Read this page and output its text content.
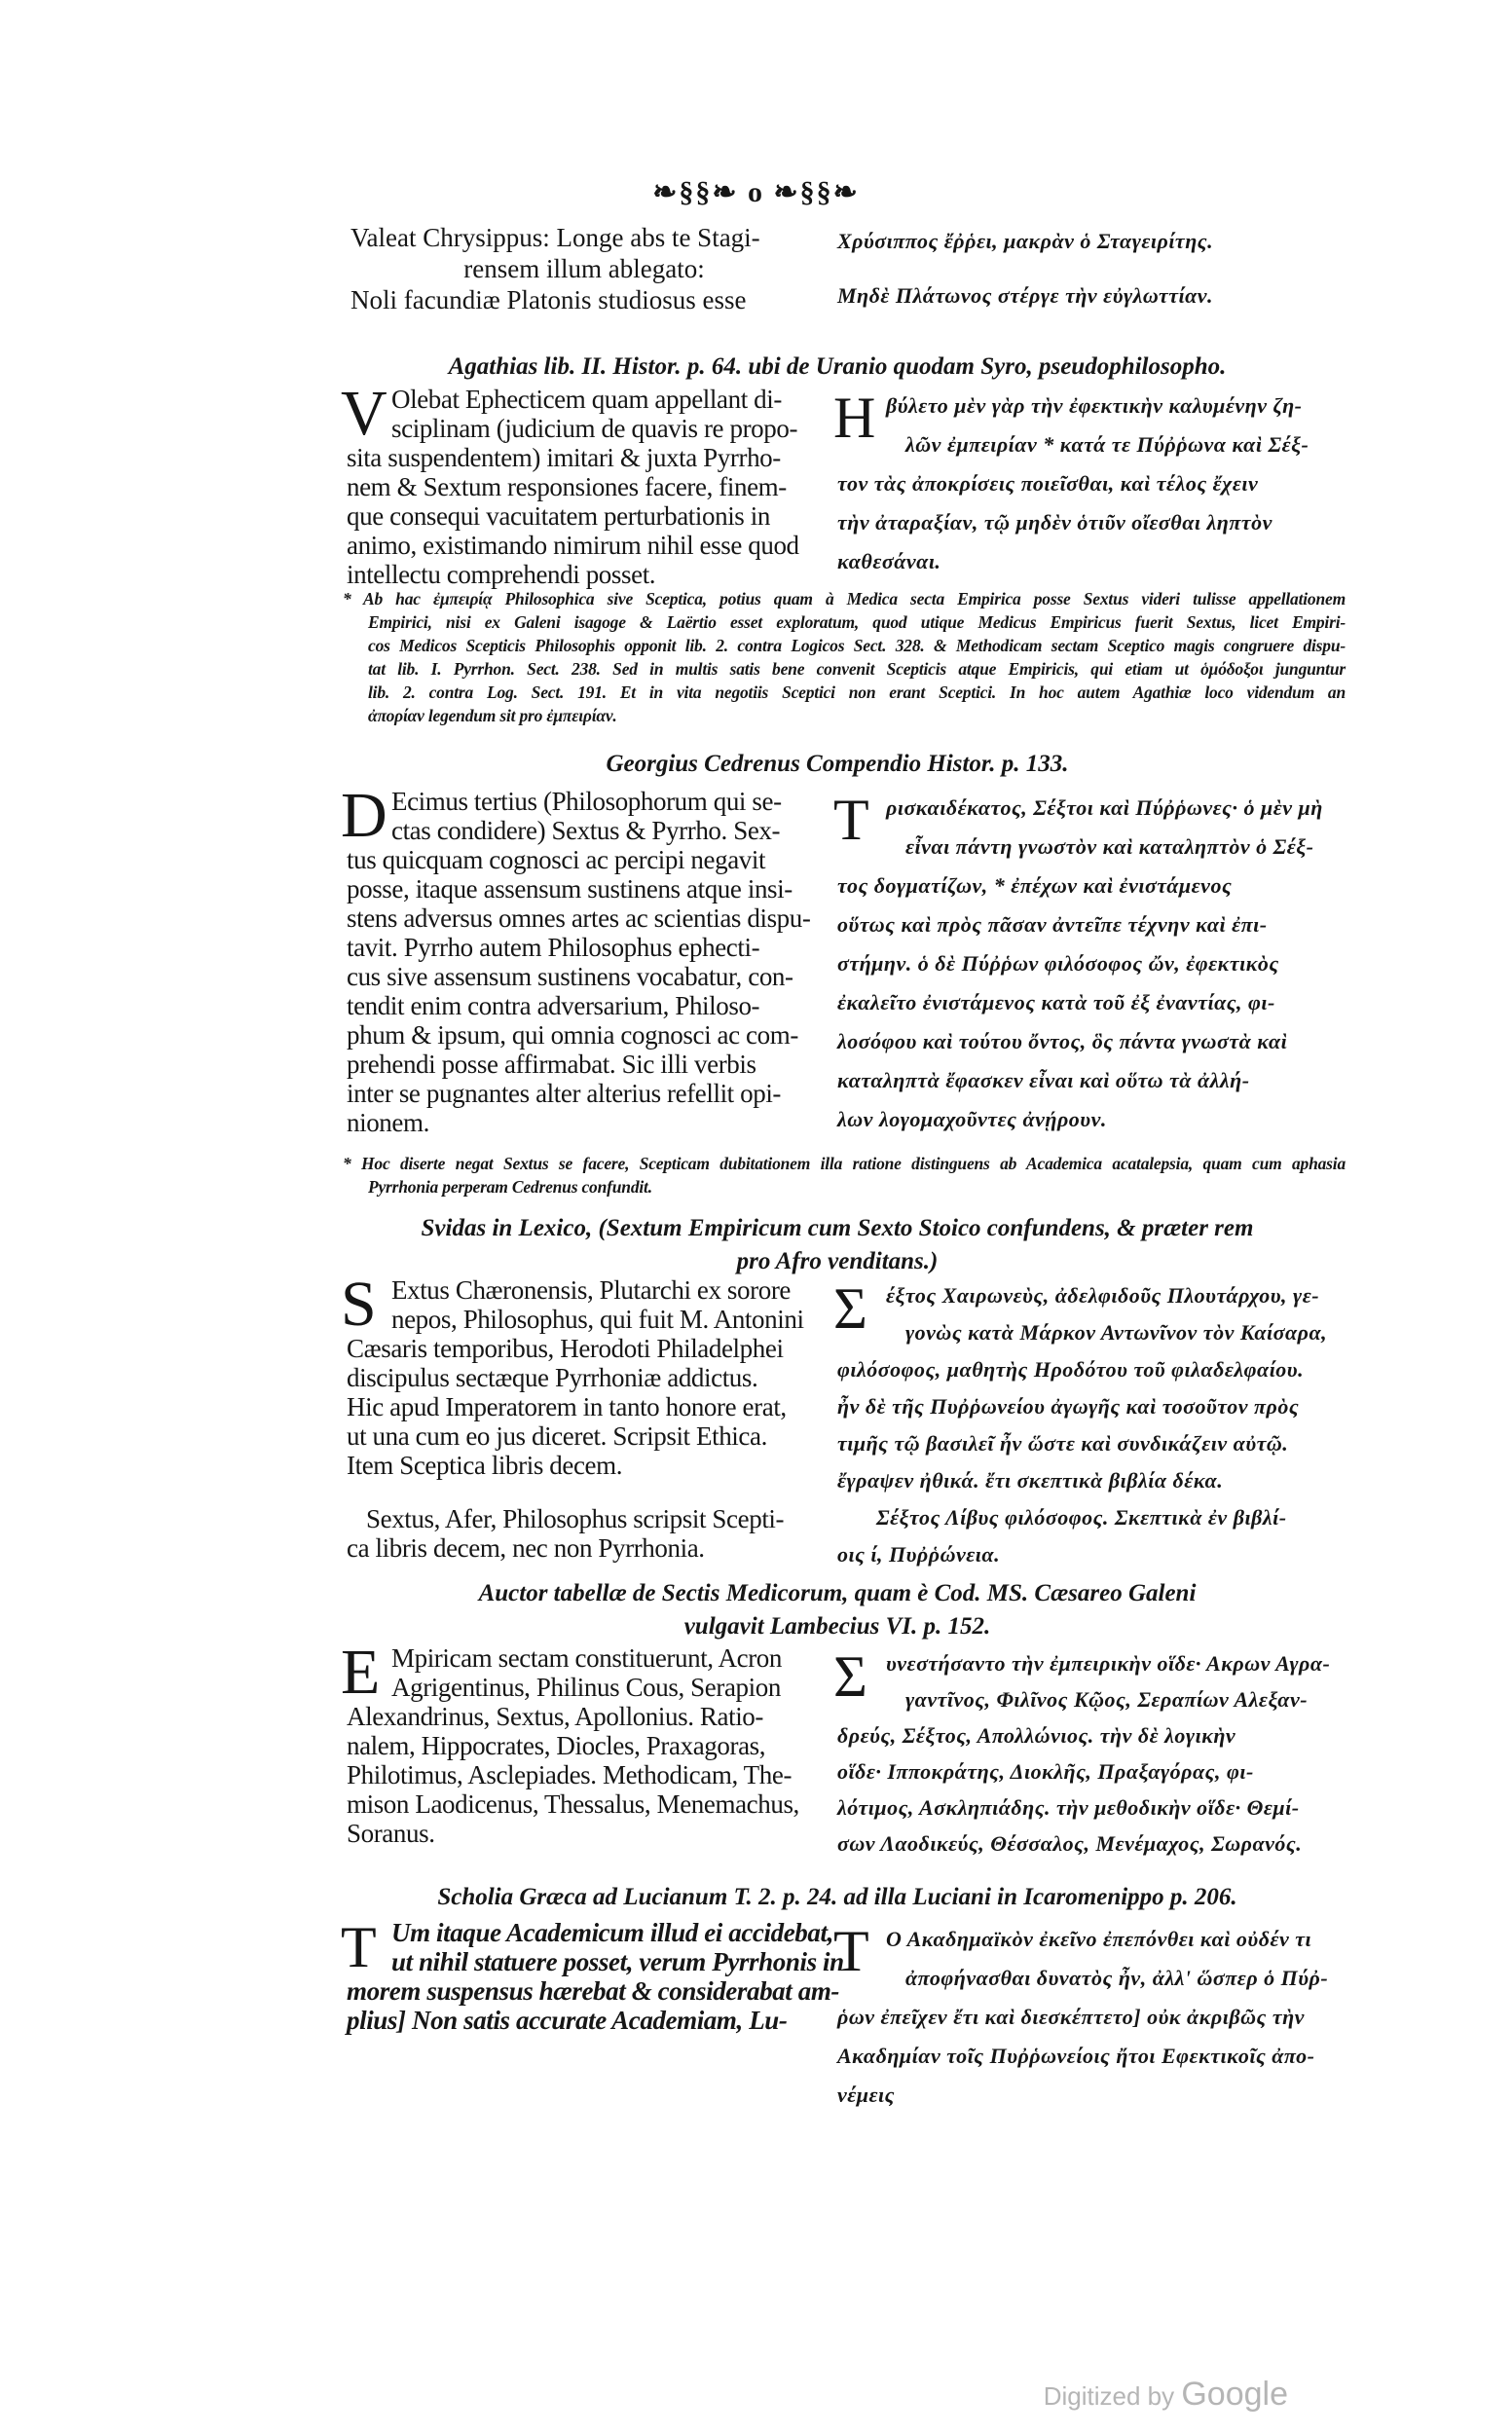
❧§§❧ o ❧§§❧
Valeat Chrysippus: Longe abs te Stagi-
rensem illum ablegato:
Noli facundiæ Platonis studiosus esse
Χρύσιππος ἔῤῥει, μακρὰν ὁ Σταγειρίτης.
Μηδὲ Πλάτωνος στέργε τὴν εὐγλωττίαν.
Agathias lib. II. Histor. p. 64. ubi de Uranio quodam Syro, pseudophilosopho.
V Olebat Ephecticem quam appellant di-
sciplinam (judicium de quavis re propo-
sita suspendentem) imitari & juxta Pyrrho-
nem & Sextum responsiones facere, finem-
que consequi vacuitatem perturbationis in
animo, existimando nimirum nihil esse quod
intellectu comprehendi posset.
H βύλετο μὲν γὰρ τὴν ἐφεκτικὴν καλυμένην ζη-
λῶν ἐμπειρίαν * κατά τε Πύῤῥωνα καὶ Σέξ-
τον τὰς ἀποκρίσεις ποιεῖσθαι, καὶ τέλος ἔχειν
τὴν ἀταραξίαν, τῷ μηδὲν ὁτιῦν οἴεσθαι ληπτὸν
καθεσάναι.
* Ab hac ἐμπειρίᾳ Philosophica sive Sceptica, potius quam à Medica secta Empirica posse Sextus videri tulisse appellationem
Empirici, nisi ex Galeni isagoge & Laërtio esset exploratum, quod utique Medicus Empiricus fuerit Sextus, licet Empiri-
cos Medicos Scepticis Philosophis opponit lib. 2. contra Logicos Sect. 328. & Methodicam sectam Sceptico magis congruere dispu-
tat lib. I. Pyrrhon. Sect. 238. Sed in multis satis bene convenit Scepticis atque Empiricis, qui etiam ut ὁμόδοξοι junguntur
lib. 2. contra Log. Sect. 191. Et in vita negotiis Sceptici non erant Sceptici. In hoc autem Agathiæ loco videndum an
ἀπορίαν legendum sit pro ἐμπειρίαν.
Georgius Cedrenus Compendio Histor. p. 133.
D Ecimus tertius (Philosophorum qui se-
ctas condidere) Sextus & Pyrrho. Sex-
tus quicquam cognosci ac percipi negavit
posse, itaque assensum sustinens atque insi-
stens adversus omnes artes ac scientias dispu-
tavit. Pyrrho autem Philosophus ephecti-
cus sive assensum sustinens vocabatur, con-
tendit enim contra adversarium, Philoso-
phum & ipsum, qui omnia cognosci ac com-
prehendi posse affirmabat. Sic illi verbis
inter se pugnantes alter alterius refellit opi-
nionem.
T ρισκαιδέκατος, Σέξτοι καὶ Πύῤῥωνες· ὁ μὲν μὴ
εἶναι πάντη γνωστὸν καὶ καταληπτὸν ὁ Σέξ-
τος δογματίζων, * ἐπέχων καὶ ἐνιστάμενος
οὕτως καὶ πρὸς πᾶσαν ἀντεῖπε τέχνην καὶ ἐπι-
στήμην. ὁ δὲ Πύῤῥων φιλόσοφος ὤν, ἐφεκτικὸς
ἐκαλεῖτο ἐνιστάμενος κατὰ τοῦ ἐξ ἐναντίας, φι-
λοσόφου καὶ τούτου ὄντος, ὃς πάντα γνωστὰ καὶ
καταληπτὰ ἔφασκεν εἶναι καὶ οὕτω τὰ ἀλλή-
λων λογομαχοῦντες ἀνῄρουν.
* Hoc diserte negat Sextus se facere, Scepticam dubitationem illa ratione distinguens ab Academica acatalepsia, quam cum aphasia
Pyrrhonia perperam Cedrenus confundit.
Svidas in Lexico, (Sextum Empiricum cum Sexto Stoico confundens, & præter rem
pro Afro venditans.)
S Extus Chæronensis, Plutarchi ex sorore
nepos, Philosophus, qui fuit M. Antonini
Cæsaris temporibus, Herodoti Philadelphei
discipulus sectæque Pyrrhoniæ addictus.
Hic apud Imperatorem in tanto honore erat,
ut una cum eo jus diceret. Scripsit Ethica.
Item Sceptica libris decem.
Sextus, Afer, Philosophus scripsit Scepti-
ca libris decem, nec non Pyrrhonia.
Σ έξτος Χαιρωνεὺς, ἀδελφιδοῦς Πλουτάρχου, γε-
γονὼς κατὰ Μάρκον Αντωνῖνον τὸν Καίσαρα,
φιλόσοφος, μαθητὴς Ηροδότου τοῦ φιλαδελφαίου.
ἦν δὲ τῆς Πυῤῥωνείου ἀγωγῆς καὶ τοσοῦτον πρὸς
τιμῆς τῷ βασιλεῖ ἦν ὥστε καὶ συνδικάζειν αὐτῷ.
ἔγραψεν ἠθικά. ἔτι σκεπτικὰ βιβλία δέκα.
Σέξτος Λίβυς φιλόσοφος. Σκεπτικὰ ἐν βιβλί-
οις ί, Πυῤῥώνεια.
Auctor tabellæ de Sectis Medicorum, quam è Cod. MS. Cæsareo Galeni
vulgavit Lambecius VI. p. 152.
E Mpiricam sectam constituerunt, Acron
Agrigentinus, Philinus Cous, Serapion
Alexandrinus, Sextus, Apollonius. Ratio-
nalem, Hippocrates, Diocles, Praxagoras,
Philotimus, Asclepiades. Methodicam, The-
mison Laodicenus, Thessalus, Menemachus,
Soranus.
Σ υνεστήσαντο τὴν ἐμπειρικὴν οἵδε· Ακρων Αγρα-
γαντῖνος, Φιλῖνος Κῷος, Σεραπίων Αλεξαν-
δρεύς, Σέξτος, Απολλώνιος. τὴν δὲ λογικὴν
οἵδε· Ιπποκράτης, Διοκλῆς, Πραξαγόρας, φι-
λότιμος, Ασκληπιάδης. τὴν μεθοδικὴν οἵδε· Θεμί-
σων Λαοδικεύς, Θέσσαλος, Μενέμαχος, Σωρανός.
Scholia Græca ad Lucianum T. 2. p. 24. ad illa Luciani in Icaromenippo p. 206.
T Um itaque Academicum illud ei accidebat,
ut nihil statuere posset, verum Pyrrhonis in
morem suspensus hærebat & considerabat am-
plius] Non satis accurate Academiam, Lu-
T Ο Ακαδημαϊκὸν ἐκεῖνο ἐπεπόνθει καὶ οὐδέν τι
ἀποφήνασθαι δυνατὸς ἦν, ἀλλ' ὥσπερ ὁ Πύῤ-
ῥων ἐπεῖχεν ἔτι καὶ διεσκέπτετο] οὐκ ἀκριβῶς τὴν
Ακαδημίαν τοῖς Πυῤῥωνείοις ἤτοι Εφεκτικοῖς ἀπο-
νέμεις
Digitized by Google
